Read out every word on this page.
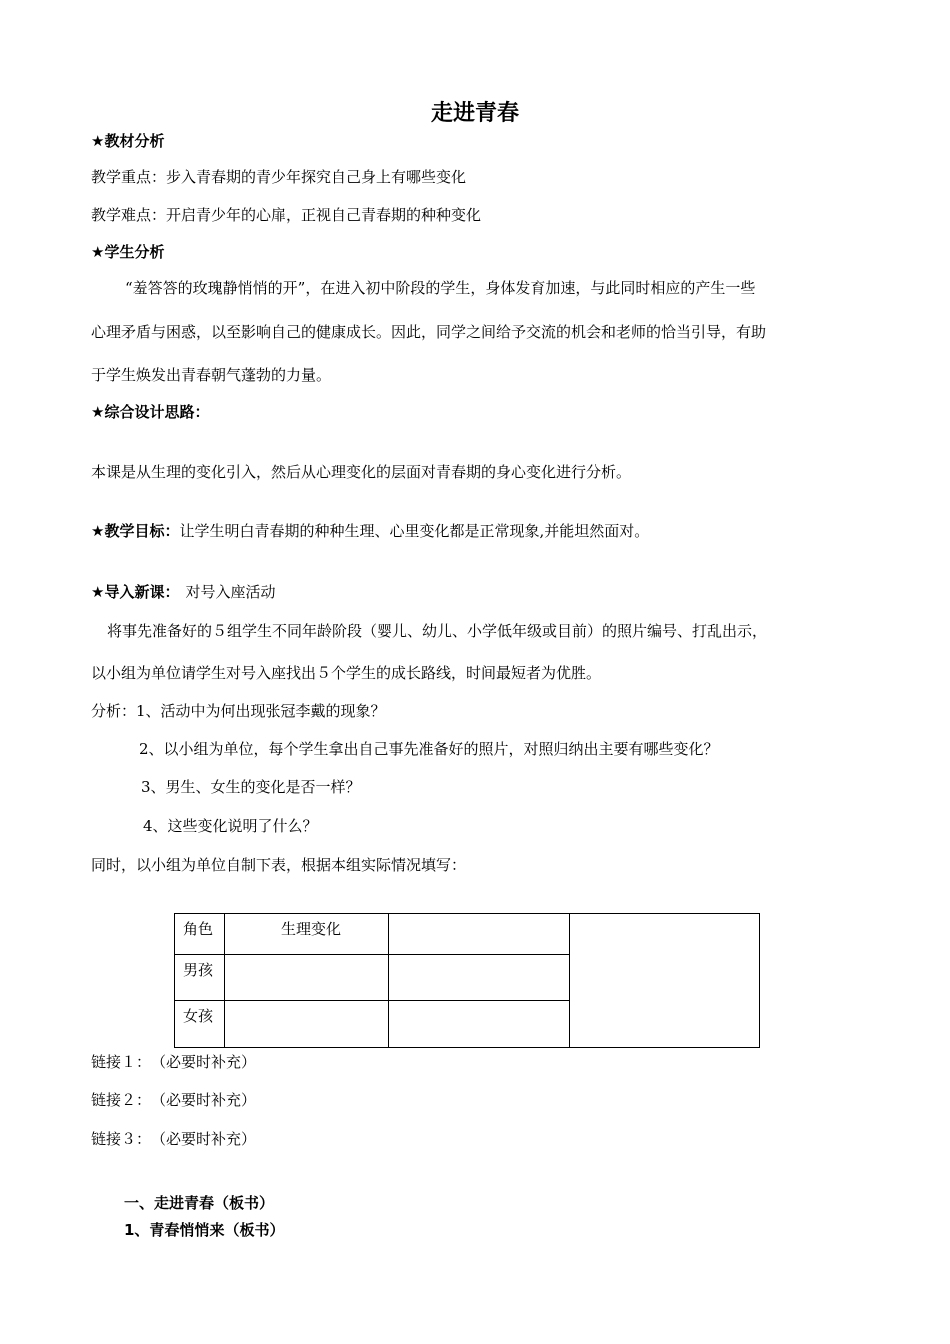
走进青春
★教材分析
教学重点：步入青春期的青少年探究自己身上有哪些变化
教学难点：开启青少年的心扉，正视自己青春期的种种变化
★学生分析
“羞答答的玫瑰静悄悄的开”，在进入初中阶段的学生，身体发育加速，与此同时相应的产生一些
心理矛盾与困惑，以至影响自己的健康成长。因此，同学之间给予交流的机会和老师的恰当引导，有助
于学生焕发出青春朝气蓬勃的力量。
★综合设计思路：
本课是从生理的变化引入，然后从心理变化的层面对青春期的身心变化进行分析。
★教学目标：让学生明白青春期的种种生理、心里变化都是正常现象,并能坦然面对。
★导入新课： 对号入座活动
将事先准备好的５组学生不同年龄阶段（婴儿、幼儿、小学低年级或目前）的照片编号、打乱出示，
以小组为单位请学生对号入座找出５个学生的成长路线，时间最短者为优胜。
分析：1、活动中为何出现张冠李戴的现象？
2、以小组为单位，每个学生拿出自己事先准备好的照片，对照归纳出主要有哪些变化？
3、男生、女生的变化是否一样？
4、这些变化说明了什么？
同时，以小组为单位自制下表，根据本组实际情况填写：
角色	生理变化		
男孩			
女孩			
链接１：　（必要时补充）
链接２：　（必要时补充）
链接３：　（必要时补充）
一、走进青春（板书）
1、青春悄悄来（板书）
